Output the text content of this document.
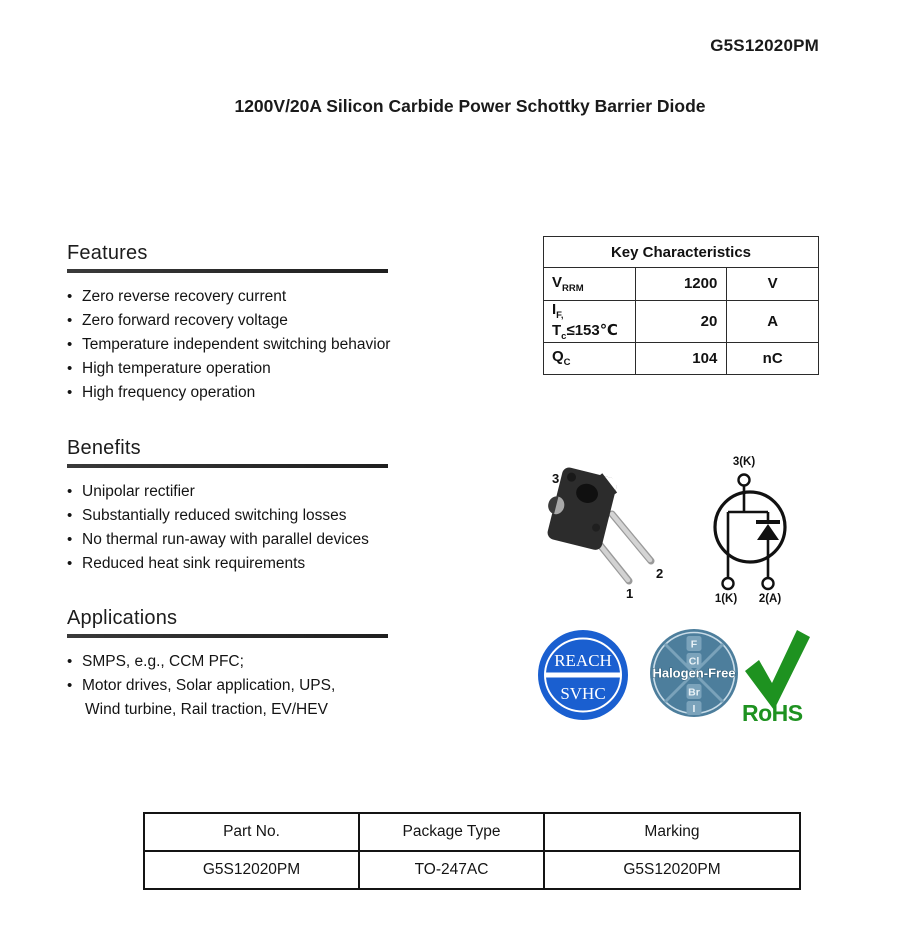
G5S12020PM
1200V/20A Silicon Carbide Power Schottky Barrier Diode
Features
• Zero reverse recovery current
• Zero forward recovery voltage
• Temperature independent switching behavior
• High temperature operation
• High frequency operation
Benefits
• Unipolar rectifier
• Substantially reduced switching losses
• No thermal run-away with parallel devices
• Reduced heat sink requirements
Applications
• SMPS, e.g., CCM PFC;
• Motor drives, Solar application, UPS,
Wind turbine, Rail traction, EV/HEV
Key Characteristics		
$V_{RRM}$	1200	V
$I_{F,}T_c\le 153℃$	20	A
$Q_C$	104	nC
3
1
2
3(K)
1(K) 2(A)
REACH
SVHC
F
Cl
Br
I
Halogen-Free
RoHS
Part No.	Package Type	Marking
G5S12020PM	TO-247AC	G5S12020PM
